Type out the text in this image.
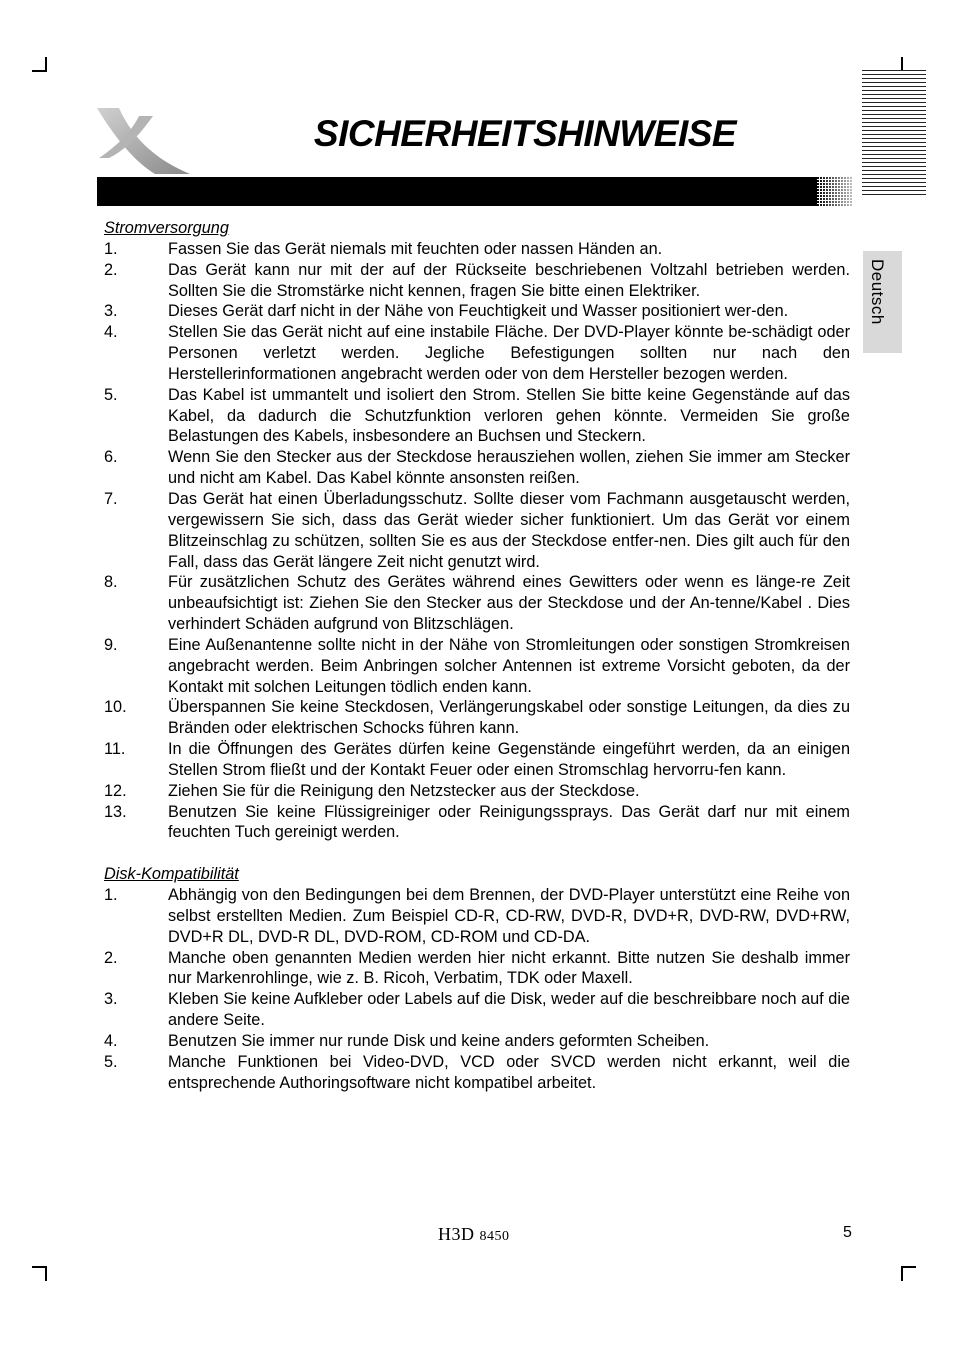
SICHERHEITSHINWEISE
Deutsch
Stromversorgung
1.	Fassen Sie das Gerät niemals mit feuchten oder nassen Händen an.
2.	Das Gerät kann nur mit der auf der Rückseite beschriebenen Voltzahl betrieben werden. Sollten Sie die Stromstärke nicht kennen, fragen Sie bitte einen Elektriker.
3.	Dieses Gerät darf nicht in der Nähe von Feuchtigkeit und Wasser positioniert wer-den.
4.	Stellen Sie das Gerät nicht auf eine instabile Fläche. Der DVD-Player könnte be-schädigt oder Personen verletzt werden. Jegliche Befestigungen sollten nur nach den Herstellerinformationen angebracht werden oder von dem Hersteller bezogen werden.
5.	Das Kabel ist ummantelt und isoliert den Strom. Stellen Sie bitte keine Gegenstände auf das Kabel, da dadurch die Schutzfunktion verloren gehen könnte. Vermeiden Sie große Belastungen des Kabels, insbesondere an Buchsen und Steckern.
6.	Wenn Sie den Stecker aus der Steckdose herausziehen wollen, ziehen Sie immer am Stecker und nicht am Kabel. Das Kabel könnte ansonsten reißen.
7.	Das Gerät hat einen Überladungsschutz. Sollte dieser vom Fachmann ausgetauscht werden, vergewissern Sie sich, dass das Gerät wieder sicher funktioniert. Um das Gerät vor einem Blitzeinschlag zu schützen, sollten Sie es aus der Steckdose entfer-nen. Dies gilt auch für den Fall, dass das Gerät längere Zeit nicht genutzt wird.
8.	Für zusätzlichen Schutz des Gerätes während eines Gewitters oder wenn es länge-re Zeit unbeaufsichtigt ist: Ziehen Sie den Stecker aus der Steckdose und der An-tenne/Kabel . Dies verhindert Schäden aufgrund von Blitzschlägen.
9.	Eine Außenantenne sollte nicht in der Nähe von Stromleitungen oder sonstigen Stromkreisen angebracht werden. Beim Anbringen solcher Antennen ist extreme Vorsicht geboten, da der Kontakt mit solchen Leitungen tödlich enden kann.
10.	Überspannen Sie keine Steckdosen, Verlängerungskabel oder sonstige Leitungen, da dies zu Bränden oder elektrischen Schocks führen kann.
11.	In die Öffnungen des Gerätes dürfen keine Gegenstände eingeführt werden, da an einigen Stellen Strom fließt und der Kontakt Feuer oder einen Stromschlag hervorru-fen kann.
12.	Ziehen Sie für die Reinigung den Netzstecker aus der Steckdose.
13.	Benutzen Sie keine Flüssigreiniger oder Reinigungssprays. Das Gerät darf nur mit einem feuchten Tuch gereinigt werden.
Disk-Kompatibilität
1.	Abhängig von den Bedingungen bei dem Brennen, der DVD-Player unterstützt eine Reihe von selbst erstellten Medien. Zum Beispiel CD-R, CD-RW, DVD-R, DVD+R, DVD-RW, DVD+RW, DVD+R DL, DVD-R DL, DVD-ROM, CD-ROM und CD-DA.
2.	Manche oben genannten Medien werden hier nicht erkannt. Bitte nutzen Sie deshalb immer nur Markenrohlinge, wie z. B. Ricoh, Verbatim, TDK oder Maxell.
3.	Kleben Sie keine Aufkleber oder Labels auf die Disk, weder auf die beschreibbare noch auf die andere Seite.
4.	Benutzen Sie immer nur runde Disk und keine anders geformten Scheiben.
5.	Manche Funktionen bei Video-DVD, VCD oder SVCD werden nicht erkannt, weil die entsprechende Authoringsoftware nicht kompatibel arbeitet.
H3D 8450	5
